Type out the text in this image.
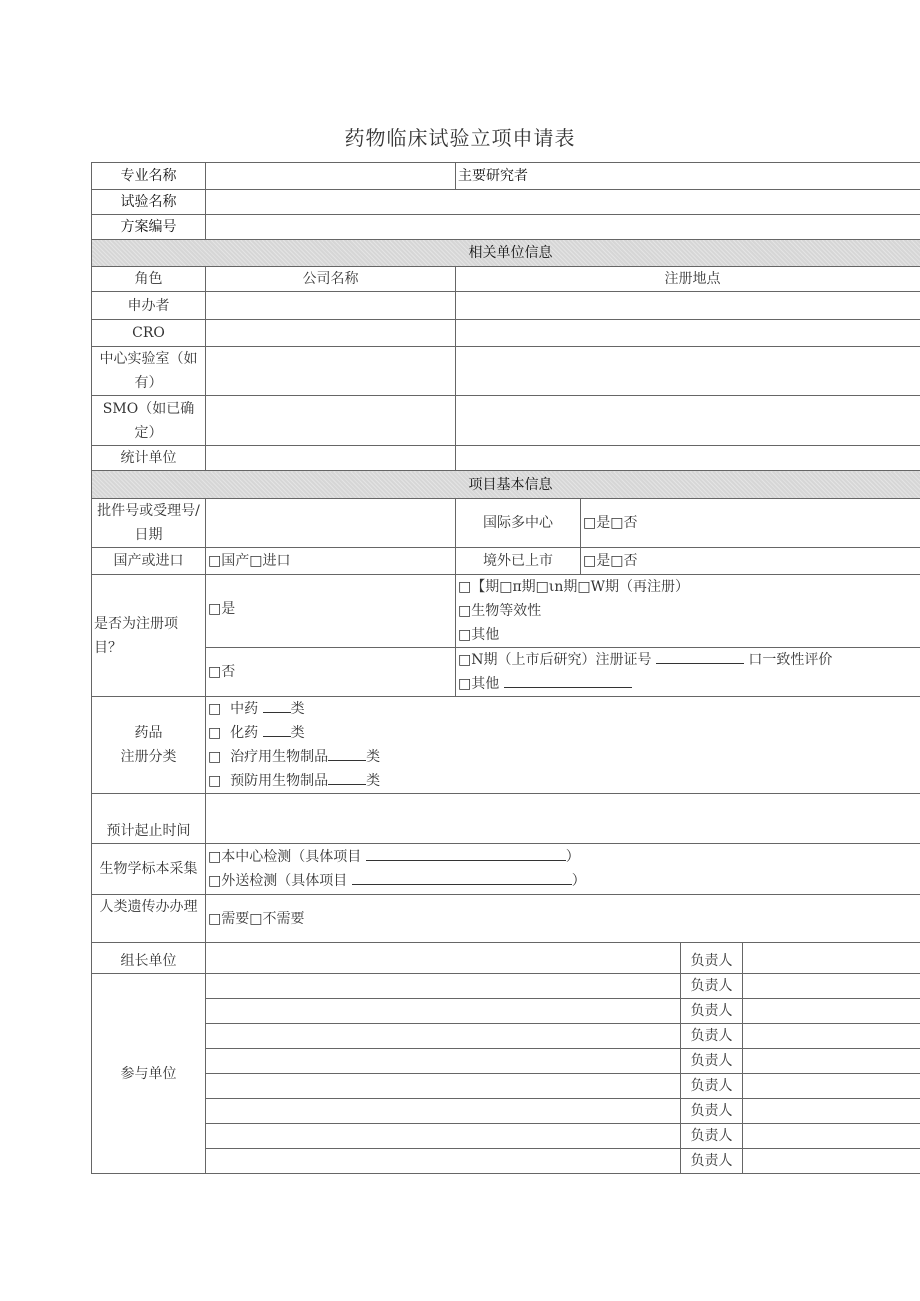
药物临床试验立项申请表
专业名称		主要研究者			
试验名称					
方案编号					
相关单位信息					
角色	公司名称	注册地点			
申办者					
CRO					
中心实验室（如有）					
SMO（如已确定）					
统计单位					
项目基本信息					
批件号或受理号/日期		国际多中心	□是□否		
国产或进口	□国产□进口	境外已上市	□是□否		
是否为注册项目？	□是	□【期□π期□ιn期□W期（再注册）
□生物等效性
□其他			

	□否	□N期（上市后研究）注册证号 口一致性评价
□其他			

药品
注册分类	□ 中药 类
□ 化药 类
□ 治疗用生物制品 类
□ 预防用生物制品 类				

预计起止时间					
生物学标本采集	□本中心检测（具体项目 ）
□外送检测（具体项目 ）				

人类遗传办办理	□需要□不需要				
组长单位				负责人	
参与单位				负责人	
				负责人	
				负责人	
				负责人	
				负责人	
				负责人	
				负责人	
				负责人	
